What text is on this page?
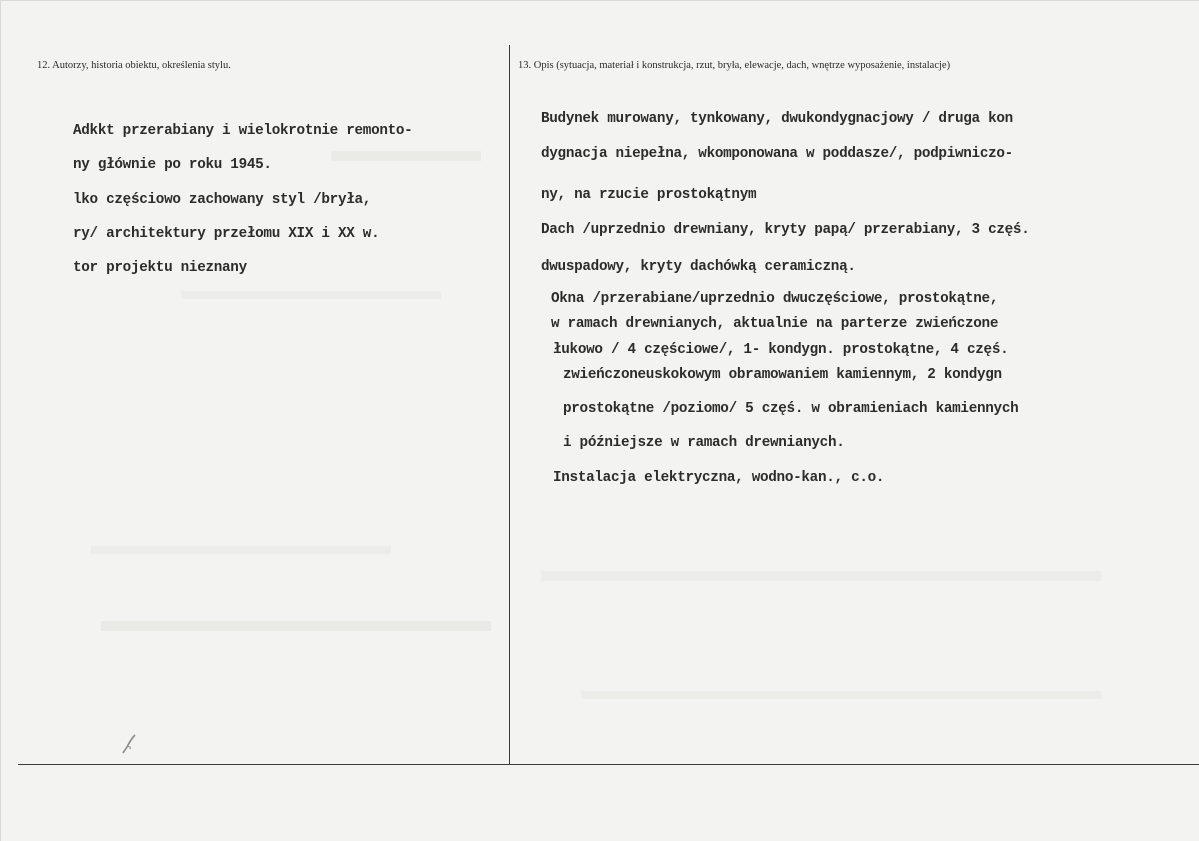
12. Autorzy, historia obiektu, określenia stylu.	13. Opis (sytuacja, materiał i konstrukcja, rzut, bryła, elewacje, dach, wnętrze wyposażenie, instalacje)
Adkkt przerabiany i wielokrotnie remonto-
ny głównie po roku 1945.
lko częściowo zachowany styl /bryła,
ry/ architektury przełomu XIX i XX w.
tor projektu nieznany
Budynek murowany, tynkowany, dwukondygnacjowy / druga kon
dygnacja niepełna, wkomponowana w poddasze/, podpiwniczo-
ny, na rzucie prostokątnym
Dach /uprzednio drewniany, kryty papą/ przerabiany, 3 częś.
dwuspadowy, kryty dachówką ceramiczną.
Okna /przerabiane/uprzednio dwuczęściowe, prostokątne,
w ramach drewnianych, aktualnie na parterze zwieńczone
łukowo / 4 częściowe/, 1- kondygn. prostokątne, 4 częś.
zwieńczoneuskokowym obramowaniem kamiennym, 2 kondygn
prostokątne /poziomo/ 5 częś. w obramieniach kamiennych
i późniejsze w ramach drewnianych.
Instalacja elektryczna, wodno-kan., c.o.
